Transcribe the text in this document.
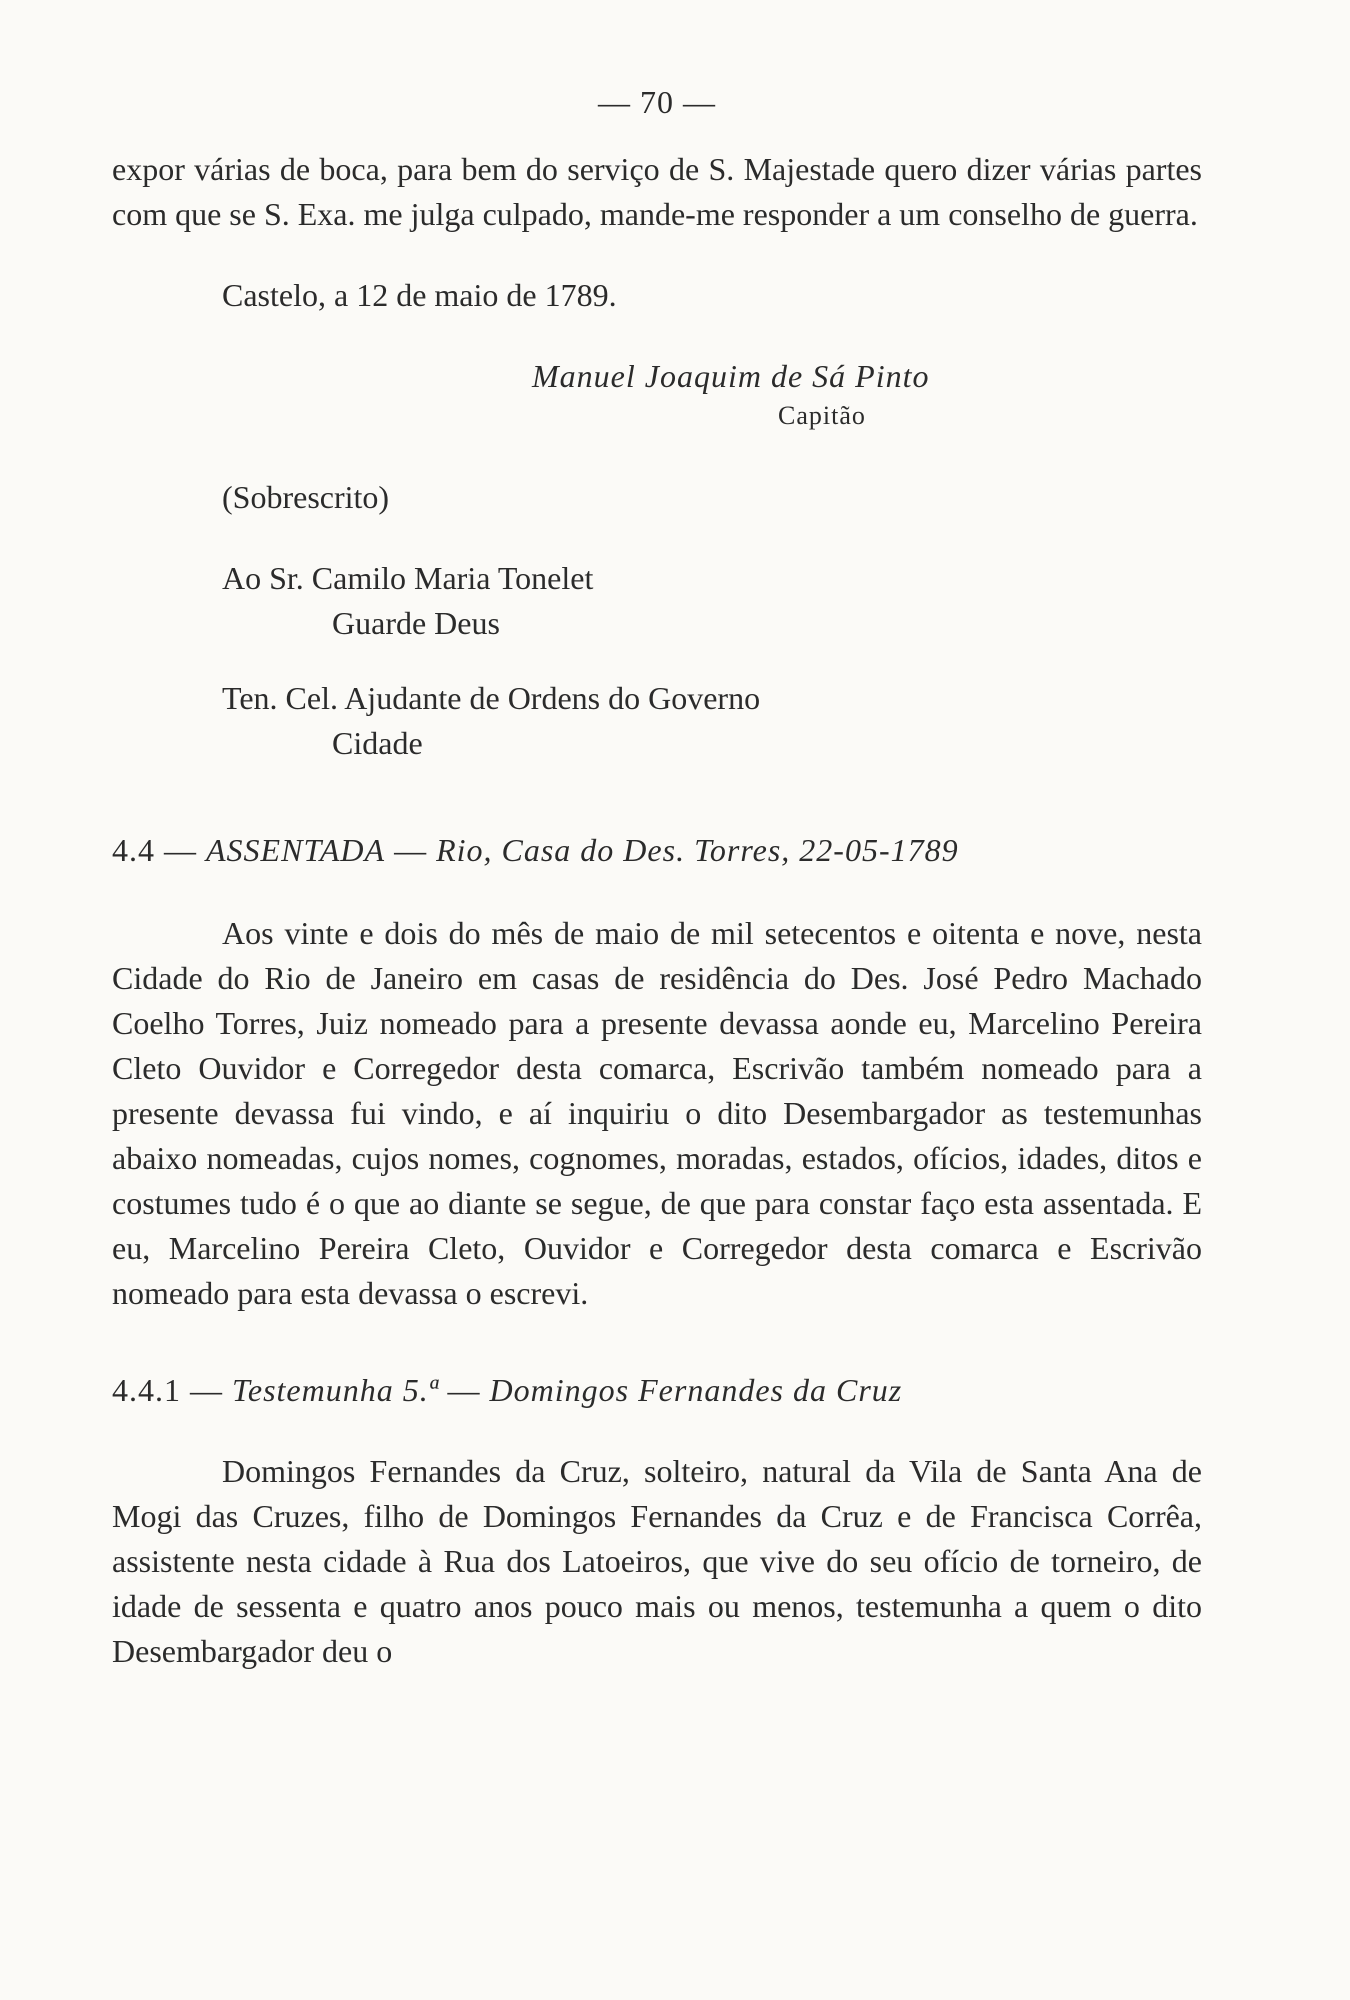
— 70 —

expor várias de boca, para bem do serviço de S. Majestade quero dizer várias partes com que se S. Exa. me julga culpado, mande-me responder a um conselho de guerra.

Castelo, a 12 de maio de 1789.

Manuel Joaquim de Sá Pinto

Capitão

(Sobrescrito)

Ao Sr. Camilo Maria Tonelet

Guarde Deus

Ten. Cel. Ajudante de Ordens do Governo

Cidade

4.4 — ASSENTADA — Rio, Casa do Des. Torres, 22-05-1789

Aos vinte e dois do mês de maio de mil setecentos e oitenta e nove, nesta Cidade do Rio de Janeiro em casas de residência do Des. José Pedro Machado Coelho Torres, Juiz nomeado para a presente devassa aonde eu, Marcelino Pereira Cleto Ouvidor e Corregedor desta comarca, Escrivão também nomeado para a presente devassa fui vindo, e aí inquiriu o dito Desembargador as testemunhas abaixo nomeadas, cujos nomes, cognomes, moradas, estados, ofícios, idades, ditos e costumes tudo é o que ao diante se segue, de que para constar faço esta assentada. E eu, Marcelino Pereira Cleto, Ouvidor e Corregedor desta comarca e Escrivão nomeado para esta devassa o escrevi.

4.4.1 — Testemunha 5.ª — Domingos Fernandes da Cruz

Domingos Fernandes da Cruz, solteiro, natural da Vila de Santa Ana de Mogi das Cruzes, filho de Domingos Fernandes da Cruz e de Francisca Corrêa, assistente nesta cidade à Rua dos Latoeiros, que vive do seu ofício de torneiro, de idade de sessenta e quatro anos pouco mais ou menos, testemunha a quem o dito Desembargador deu o
